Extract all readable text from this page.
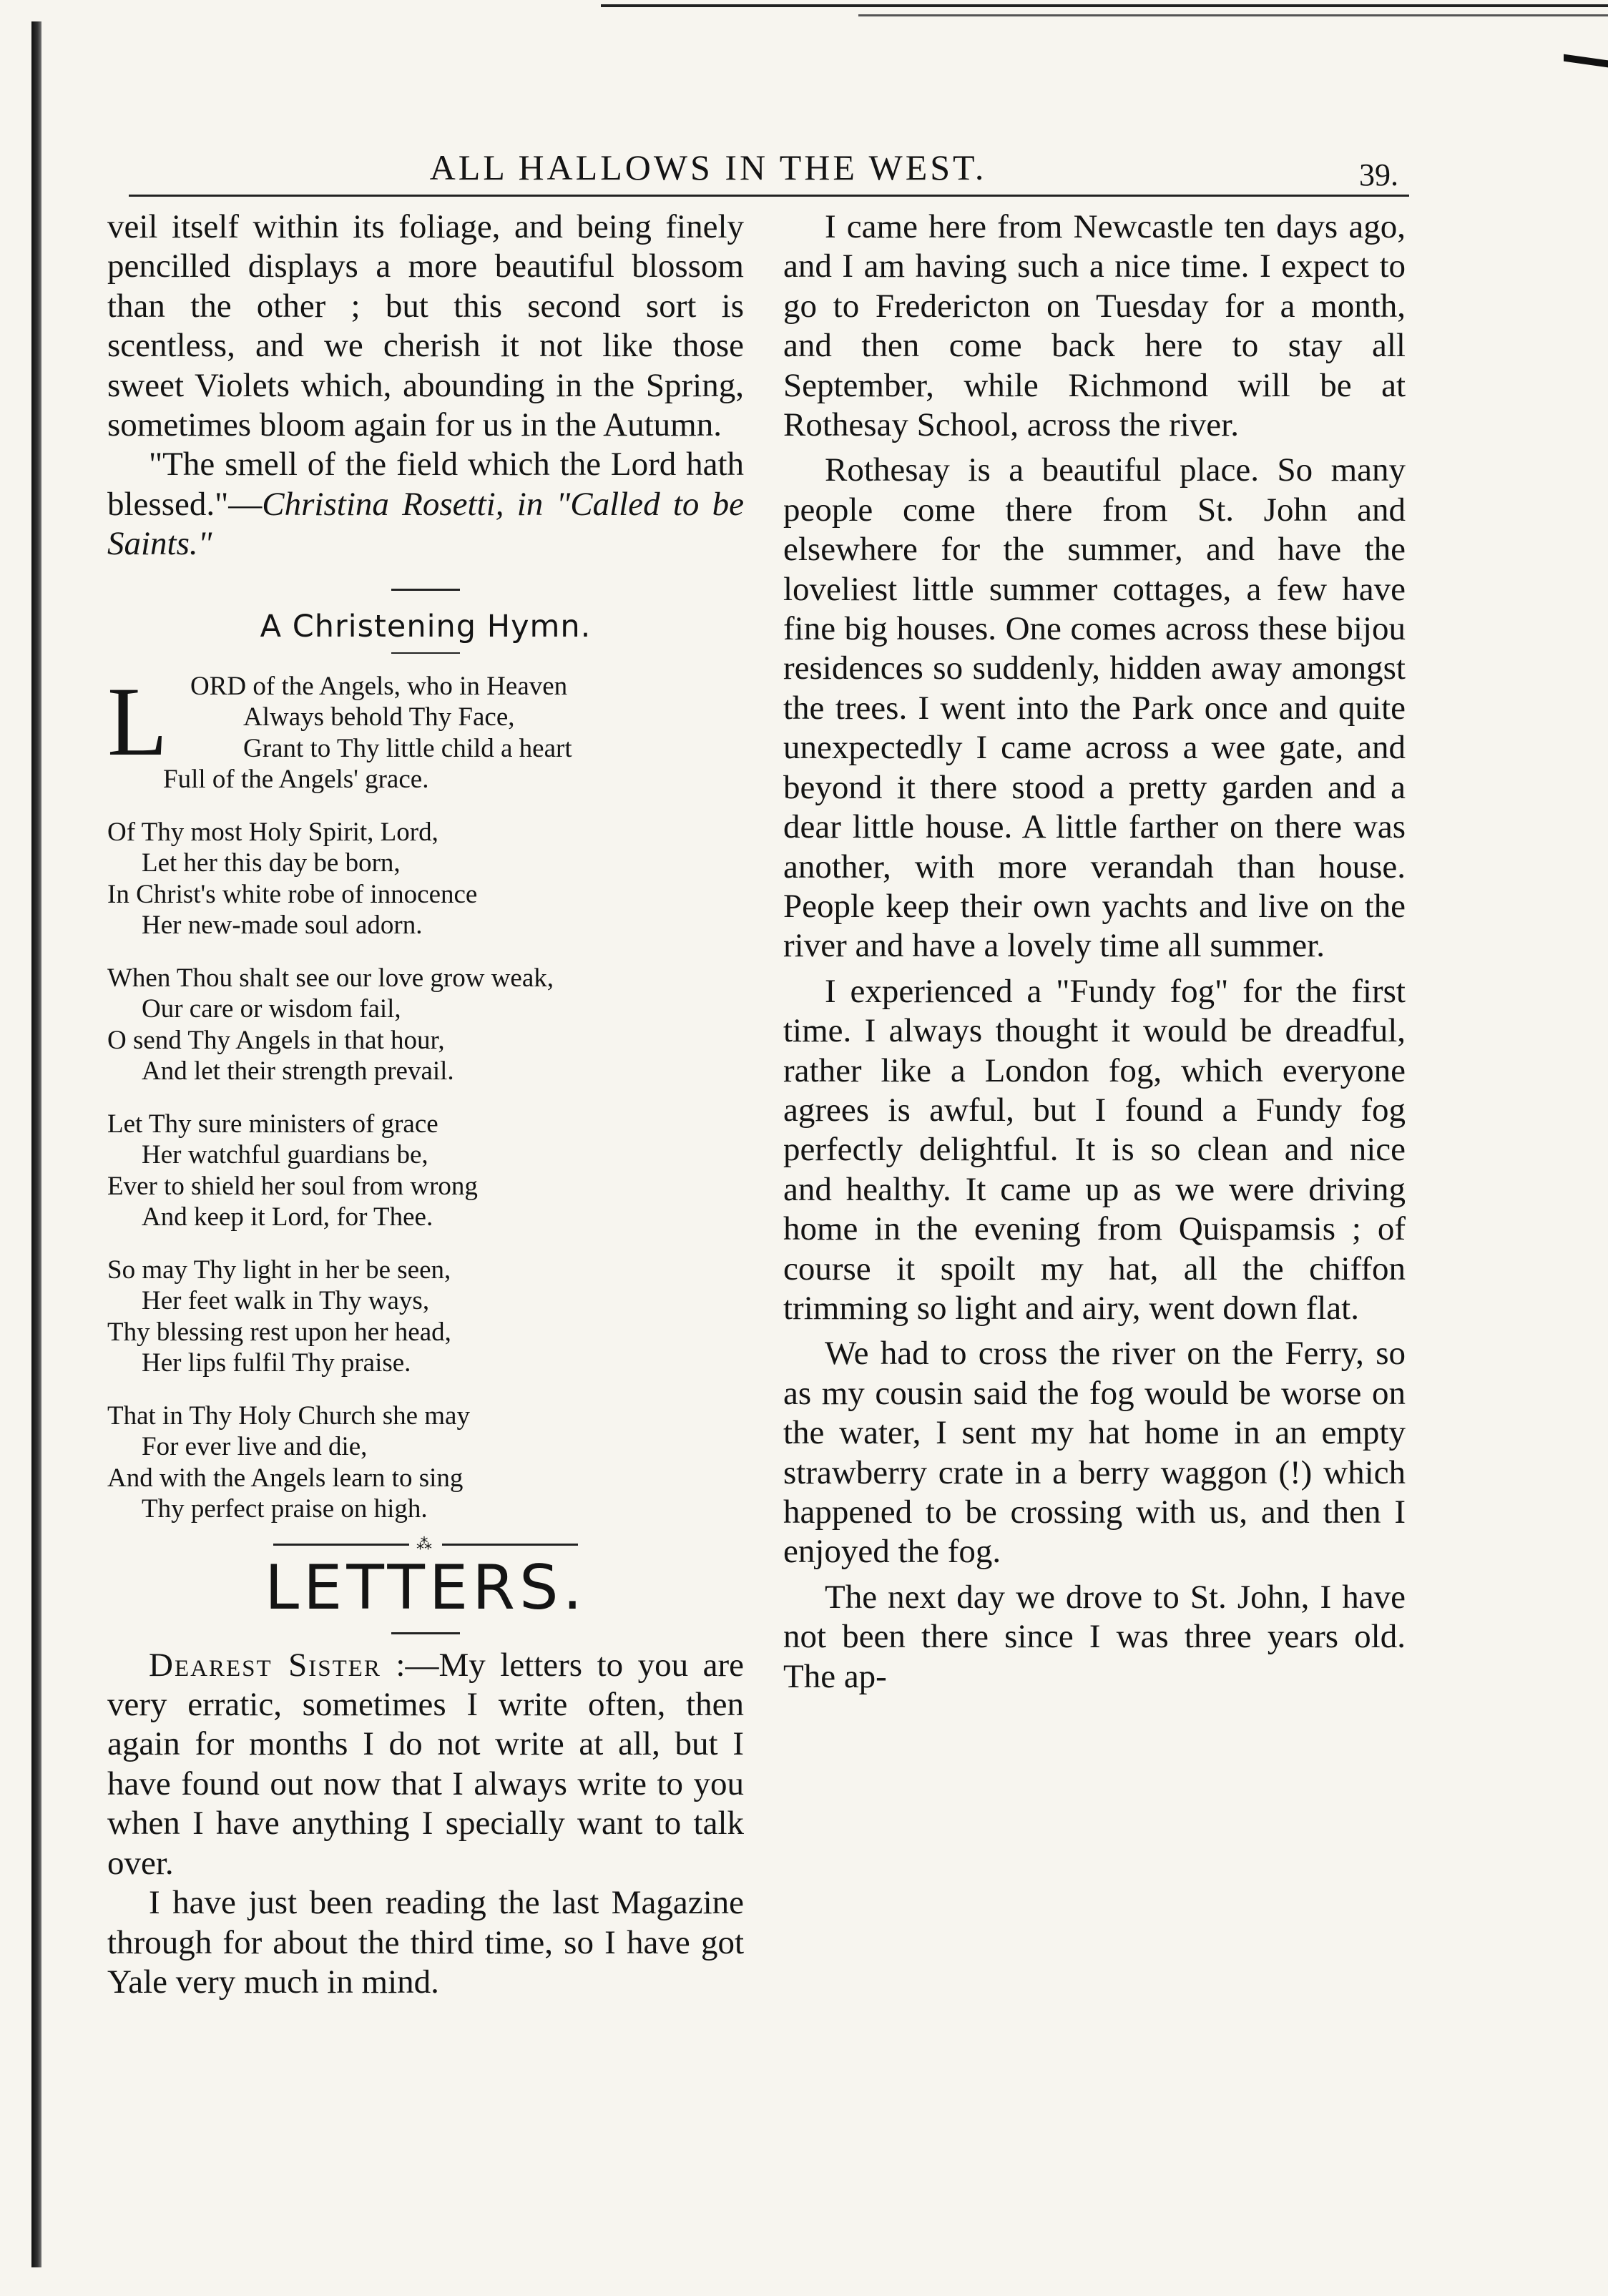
ALL HALLOWS IN THE WEST.	39.

veil itself within its foliage, and being finely pencilled displays a more beautiful blossom than the other ; but this second sort is scentless, and we cherish it not like those sweet Violets which, abounding in the Spring, sometimes bloom again for us in the Autumn.

"The smell of the field which the Lord hath blessed."—Christina Rosetti, in "Called to be Saints."

A Christening Hymn.
L ORD of the Angels, who in Heaven
Always behold Thy Face,
Grant to Thy little child a heart
Full of the Angels' grace.
Of Thy most Holy Spirit, Lord,
Let her this day be born,
In Christ's white robe of innocence
Her new-made soul adorn.
When Thou shalt see our love grow weak,
Our care or wisdom fail,
O send Thy Angels in that hour,
And let their strength prevail.
Let Thy sure ministers of grace
Her watchful guardians be,
Ever to shield her soul from wrong
And keep it Lord, for Thee.
So may Thy light in her be seen,
Her feet walk in Thy ways,
Thy blessing rest upon her head,
Her lips fulfil Thy praise.
That in Thy Holy Church she may
For ever live and die,
And with the Angels learn to sing
Thy perfect praise on high.
⁂
LETTERS.

Dearest Sister :—My letters to you are very erratic, sometimes I write often, then again for months I do not write at all, but I have found out now that I always write to you when I have anything I specially want to talk over.

I have just been reading the last Magazine through for about the third time, so I have got Yale very much in mind.

I came here from Newcastle ten days ago, and I am having such a nice time. I expect to go to Fredericton on Tuesday for a month, and then come back here to stay all September, while Richmond will be at Rothesay School, across the river.

Rothesay is a beautiful place. So many people come there from St. John and elsewhere for the summer, and have the loveliest little summer cottages, a few have fine big houses. One comes across these bijou residences so suddenly, hidden away amongst the trees. I went into the Park once and quite unexpectedly I came across a wee gate, and beyond it there stood a pretty garden and a dear little house. A little farther on there was another, with more verandah than house. People keep their own yachts and live on the river and have a lovely time all summer.

I experienced a "Fundy fog" for the first time. I always thought it would be dreadful, rather like a London fog, which everyone agrees is awful, but I found a Fundy fog perfectly delightful. It is so clean and nice and healthy. It came up as we were driving home in the evening from Quispamsis ; of course it spoilt my hat, all the chiffon trimming so light and airy, went down flat.

We had to cross the river on the Ferry, so as my cousin said the fog would be worse on the water, I sent my hat home in an empty strawberry crate in a berry waggon (!) which happened to be crossing with us, and then I enjoyed the fog.

The next day we drove to St. John, I have not been there since I was three years old. The ap-
